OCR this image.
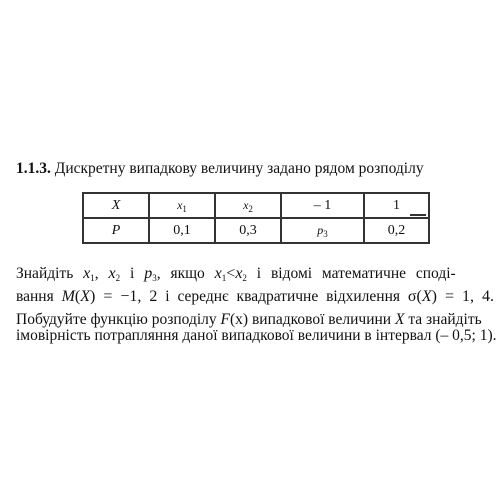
1.1.3. Дискретну випадкову величину задано рядом розподілу
X	$x_1$	$x_2$	– 1	1
P	0,1	0,3	$p_3$	0,2
Знайдіть $x_1$, $x_2$ і $p_3$, якщо $x_1<x_2$ і відомі математичне споді-
вання M(X) = −1, 2 і середнє квадратичне відхилення σ(X) = 1, 4.
Побудуйте функцію розподілу F(x) випадкової величини X та знайдіть
імовірність потрапляння даної випадкової величини в інтервал (– 0,5; 1).
